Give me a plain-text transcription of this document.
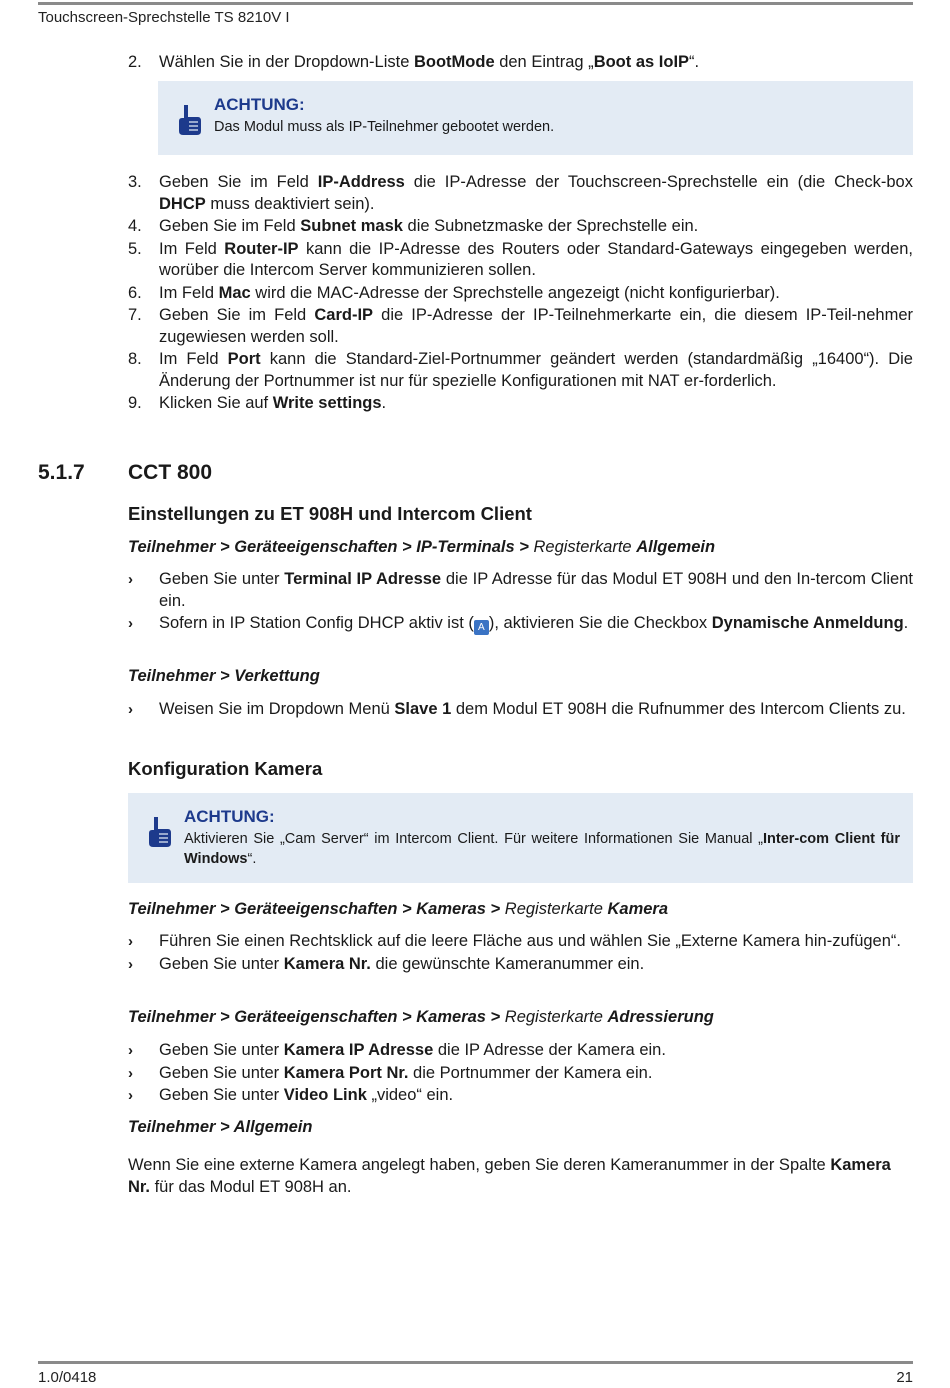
Touchscreen-Sprechstelle TS 8210V I
1.0/0418	21
2. Wählen Sie in der Dropdown-Liste BootMode den Eintrag „Boot as IoIP“.
ACHTUNG:
Das Modul muss als IP-Teilnehmer gebootet werden.
3. Geben Sie im Feld IP-Address die IP-Adresse der Touchscreen-Sprechstelle ein (die Check-box DHCP muss deaktiviert sein).
4. Geben Sie im Feld Subnet mask die Subnetzmaske der Sprechstelle ein.
5. Im Feld Router-IP kann die IP-Adresse des Routers oder Standard-Gateways eingegeben werden, worüber die Intercom Server kommunizieren sollen.
6. Im Feld Mac wird die MAC-Adresse der Sprechstelle angezeigt (nicht konfigurierbar).
7. Geben Sie im Feld Card-IP die IP-Adresse der IP-Teilnehmerkarte ein, die diesem IP-Teil-nehmer zugewiesen werden soll.
8. Im Feld Port kann die Standard-Ziel-Portnummer geändert werden (standardmäßig „16400“). Die Änderung der Portnummer ist nur für spezielle Konfigurationen mit NAT er-forderlich.
9. Klicken Sie auf Write settings.
5.1.7 CCT 800
Einstellungen zu ET 908H und Intercom Client
Teilnehmer > Geräteeigenschaften > IP-Terminals > Registerkarte Allgemein
› Geben Sie unter Terminal IP Adresse die IP Adresse für das Modul ET 908H und den In-tercom Client ein.
› Sofern in IP Station Config DHCP aktiv ist ( A ), aktivieren Sie die Checkbox Dynamische Anmeldung.
Teilnehmer > Verkettung
› Weisen Sie im Dropdown Menü Slave 1 dem Modul ET 908H die Rufnummer des Intercom Clients zu.
Konfiguration Kamera
ACHTUNG:
Aktivieren Sie „Cam Server“ im Intercom Client. Für weitere Informationen Sie Manual „Inter-com Client für Windows“.
Teilnehmer > Geräteeigenschaften > Kameras > Registerkarte Kamera
› Führen Sie einen Rechtsklick auf die leere Fläche aus und wählen Sie „Externe Kamera hin-zufügen“.
› Geben Sie unter Kamera Nr. die gewünschte Kameranummer ein.
Teilnehmer > Geräteeigenschaften > Kameras > Registerkarte Adressierung
› Geben Sie unter Kamera IP Adresse die IP Adresse der Kamera ein.
› Geben Sie unter Kamera Port Nr. die Portnummer der Kamera ein.
› Geben Sie unter Video Link „video“ ein.
Teilnehmer > Allgemein
Wenn Sie eine externe Kamera angelegt haben, geben Sie deren Kameranummer in der Spalte Kamera Nr. für das Modul ET 908H an.
